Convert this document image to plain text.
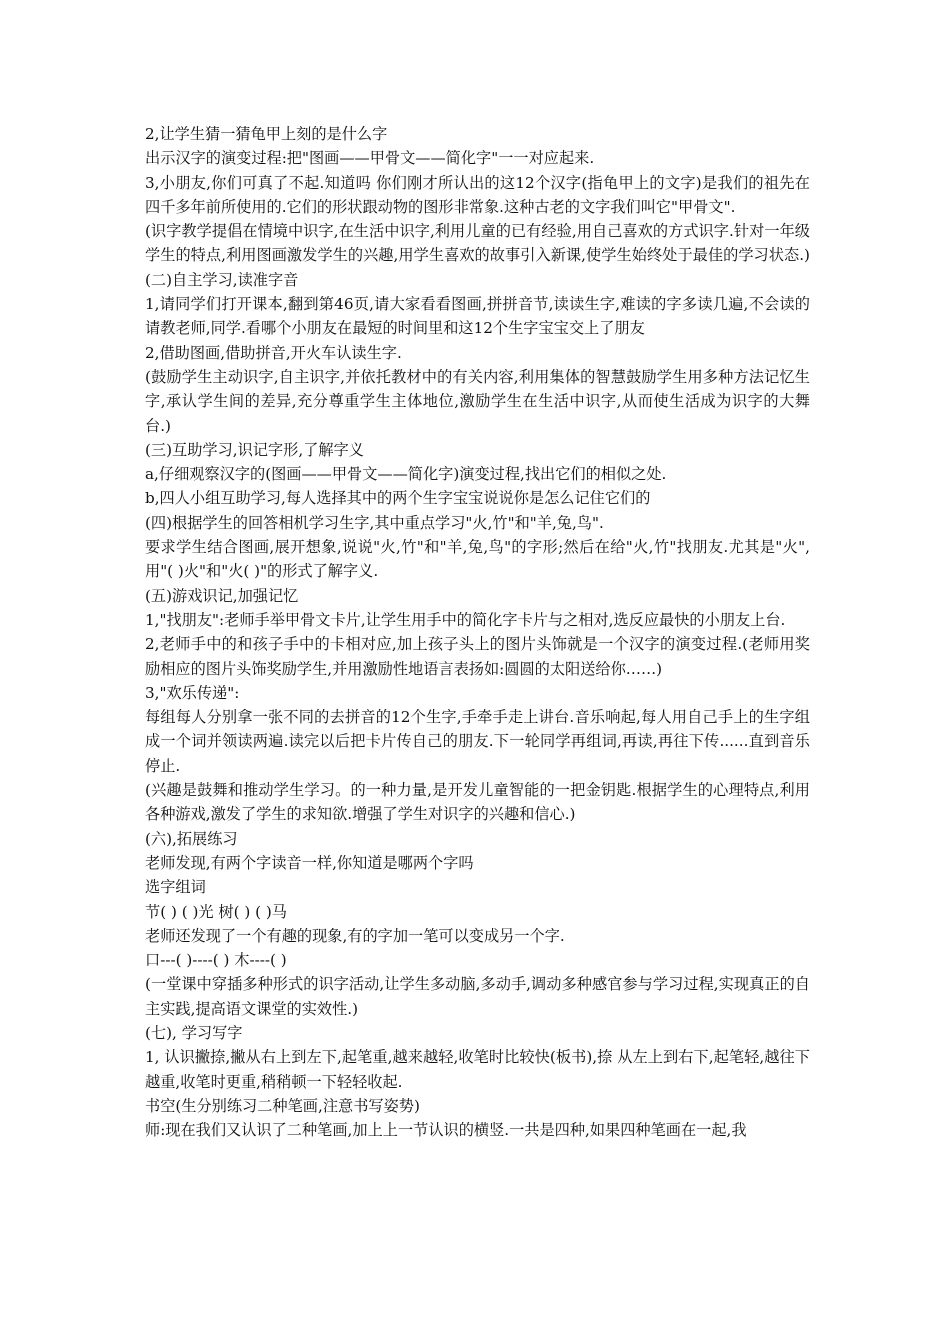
2,让学生猜一猜龟甲上刻的是什么字

出示汉字的演变过程:把"图画——甲骨文——简化字"一一对应起来.

3,小朋友,你们可真了不起.知道吗 你们刚才所认出的这12个汉字(指龟甲上的文字)是我们的祖先在四千多年前所使用的.它们的形状跟动物的图形非常象.这种古老的文字我们叫它"甲骨文".

(识字教学提倡在情境中识字,在生活中识字,利用儿童的已有经验,用自己喜欢的方式识字.针对一年级学生的特点,利用图画激发学生的兴趣,用学生喜欢的故事引入新课,使学生始终处于最佳的学习状态.) (二)自主学习,读准字音

1,请同学们打开课本,翻到第46页,请大家看看图画,拼拼音节,读读生字,难读的字多读几遍,不会读的请教老师,同学.看哪个小朋友在最短的时间里和这12个生字宝宝交上了朋友

2,借助图画,借助拼音,开火车认读生字.

(鼓励学生主动识字,自主识字,并依托教材中的有关内容,利用集体的智慧鼓励学生用多种方法记忆生字,承认学生间的差异,充分尊重学生主体地位,激励学生在生活中识字,从而使生活成为识字的大舞台.)

(三)互助学习,识记字形,了解字义

a,仔细观察汉字的(图画——甲骨文——简化字)演变过程,找出它们的相似之处.

b,四人小组互助学习,每人选择其中的两个生字宝宝说说你是怎么记住它们的

(四)根据学生的回答相机学习生字,其中重点学习"火,竹"和"羊,兔,鸟".

要求学生结合图画,展开想象,说说"火,竹"和"羊,兔,鸟"的字形;然后在给"火,竹"找朋友.尤其是"火",用"( )火"和"火( )"的形式了解字义.

(五)游戏识记,加强记忆

1,"找朋友":老师手举甲骨文卡片,让学生用手中的简化字卡片与之相对,选反应最快的小朋友上台.

2,老师手中的和孩子手中的卡相对应,加上孩子头上的图片头饰就是一个汉字的演变过程.(老师用奖励相应的图片头饰奖励学生,并用激励性地语言表扬如:圆圆的太阳送给你……)

3,"欢乐传递":

每组每人分别拿一张不同的去拼音的12个生字,手牵手走上讲台.音乐响起,每人用自己手上的生字组成一个词并领读两遍.读完以后把卡片传自己的朋友.下一轮同学再组词,再读,再往下传......直到音乐停止.

(兴趣是鼓舞和推动学生学习。的一种力量,是开发儿童智能的一把金钥匙.根据学生的心理特点,利用各种游戏,激发了学生的求知欲.增强了学生对识字的兴趣和信心.)

(六),拓展练习

老师发现,有两个字读音一样,你知道是哪两个字吗

选字组词

节( ) ( )光 树( ) ( )马

老师还发现了一个有趣的现象,有的字加一笔可以变成另一个字.

口---( )----( ) 木----( )

(一堂课中穿插多种形式的识字活动,让学生多动脑,多动手,调动多种感官参与学习过程,实现真正的自主实践,提高语文课堂的实效性.)

(七), 学习写字

1, 认识撇捺,撇从右上到左下,起笔重,越来越轻,收笔时比较快(板书),捺 从左上到右下,起笔轻,越往下越重,收笔时更重,稍稍顿一下轻轻收起.

书空(生分别练习二种笔画,注意书写姿势)

师:现在我们又认识了二种笔画,加上上一节认识的横竖.一共是四种,如果四种笔画在一起,我
